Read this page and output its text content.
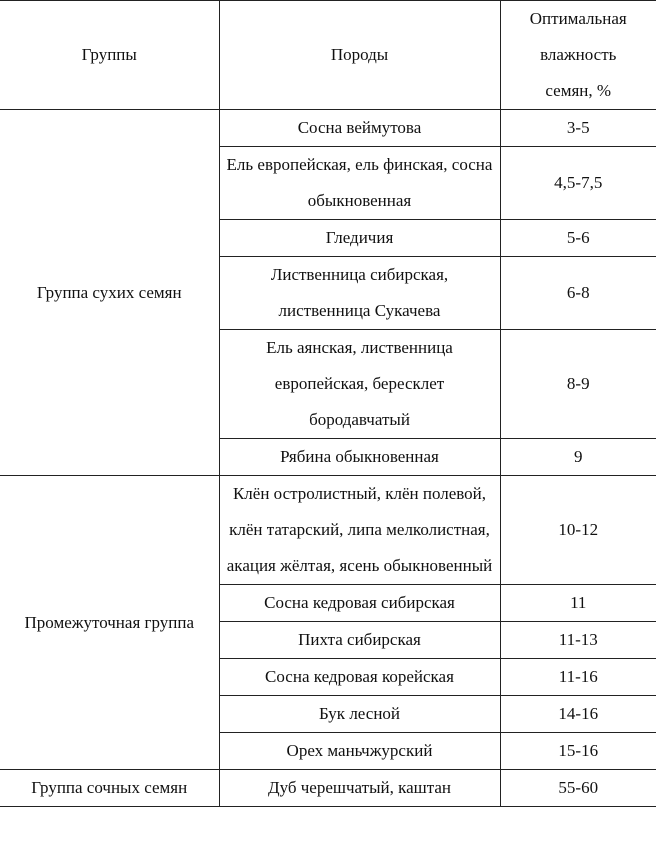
Группы	Породы	Оптимальная
влажность
семян, %

Группа сухих семян	Сосна веймутова	3-5
	Ель европейская, ель финская, сосна обыкновенная	4,5-7,5
	Гледичия	5-6
	Лиственница сибирская, лиственница Сукачева	6-8
	Ель аянская, лиственница европейская, бересклет бородавчатый	8-9
	Рябина обыкновенная	9

Промежуточная группа	Клён остролистный, клён полевой, клён татарский, липа мелколистная, акация жёлтая, ясень обыкновенный	10-12
	Сосна кедровая сибирская	11
	Пихта сибирская	11-13
	Сосна кедровая корейская	11-16
	Бук лесной	14-16
	Орех маньчжурский	15-16

Группа сочных семян	Дуб черешчатый, каштан	55-60
